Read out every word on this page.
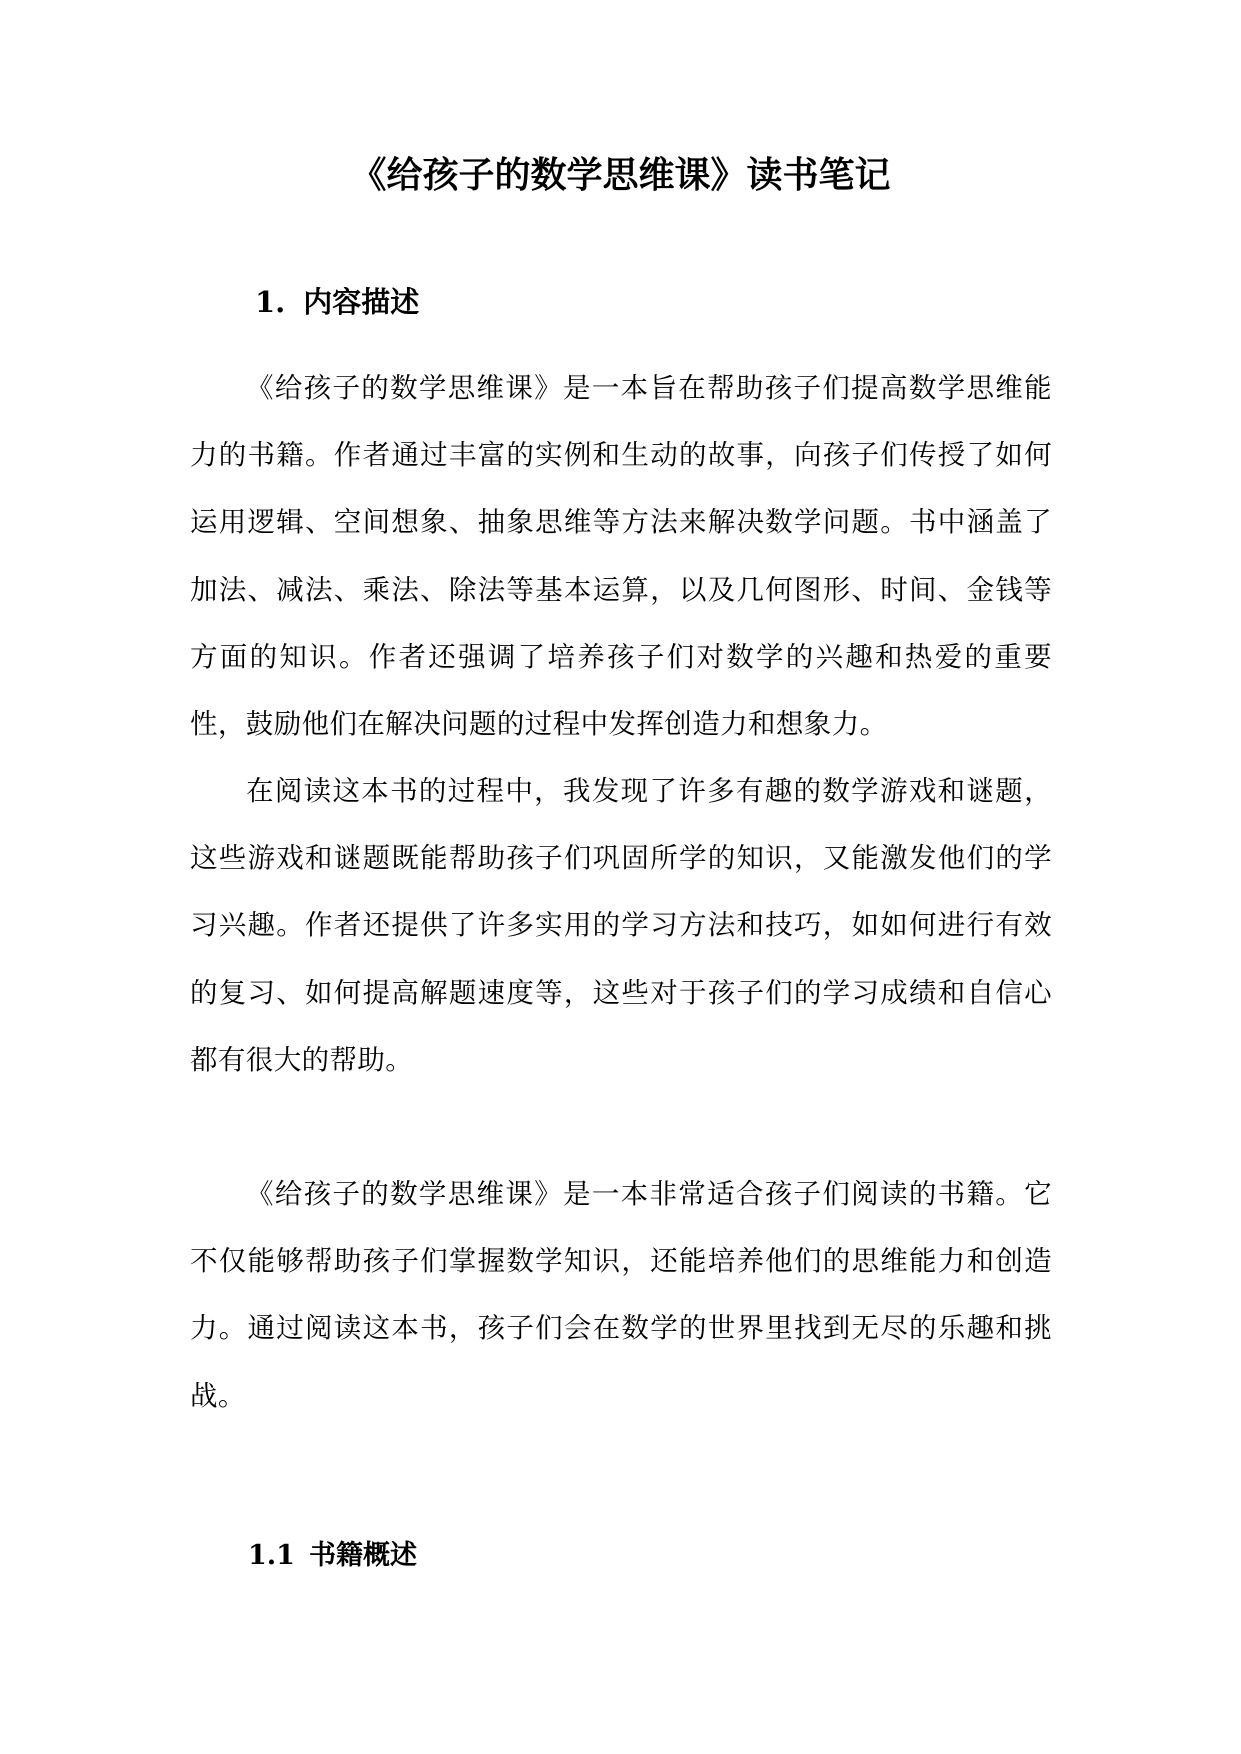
《给孩子的数学思维课》读书笔记
1. 内容描述

《给孩子的数学思维课》是一本旨在帮助孩子们提高数学思维能力的书籍。作者通过丰富的实例和生动的故事，向孩子们传授了如何运用逻辑、空间想象、抽象思维等方法来解决数学问题。书中涵盖了加法、减法、乘法、除法等基本运算，以及几何图形、时间、金钱等方面的知识。作者还强调了培养孩子们对数学的兴趣和热爱的重要性，鼓励他们在解决问题的过程中发挥创造力和想象力。

在阅读这本书的过程中，我发现了许多有趣的数学游戏和谜题，这些游戏和谜题既能帮助孩子们巩固所学的知识，又能激发他们的学习兴趣。作者还提供了许多实用的学习方法和技巧，如如何进行有效的复习、如何提高解题速度等，这些对于孩子们的学习成绩和自信心都有很大的帮助。

《给孩子的数学思维课》是一本非常适合孩子们阅读的书籍。它不仅能够帮助孩子们掌握数学知识，还能培养他们的思维能力和创造力。通过阅读这本书，孩子们会在数学的世界里找到无尽的乐趣和挑战。

1.1 书籍概述
